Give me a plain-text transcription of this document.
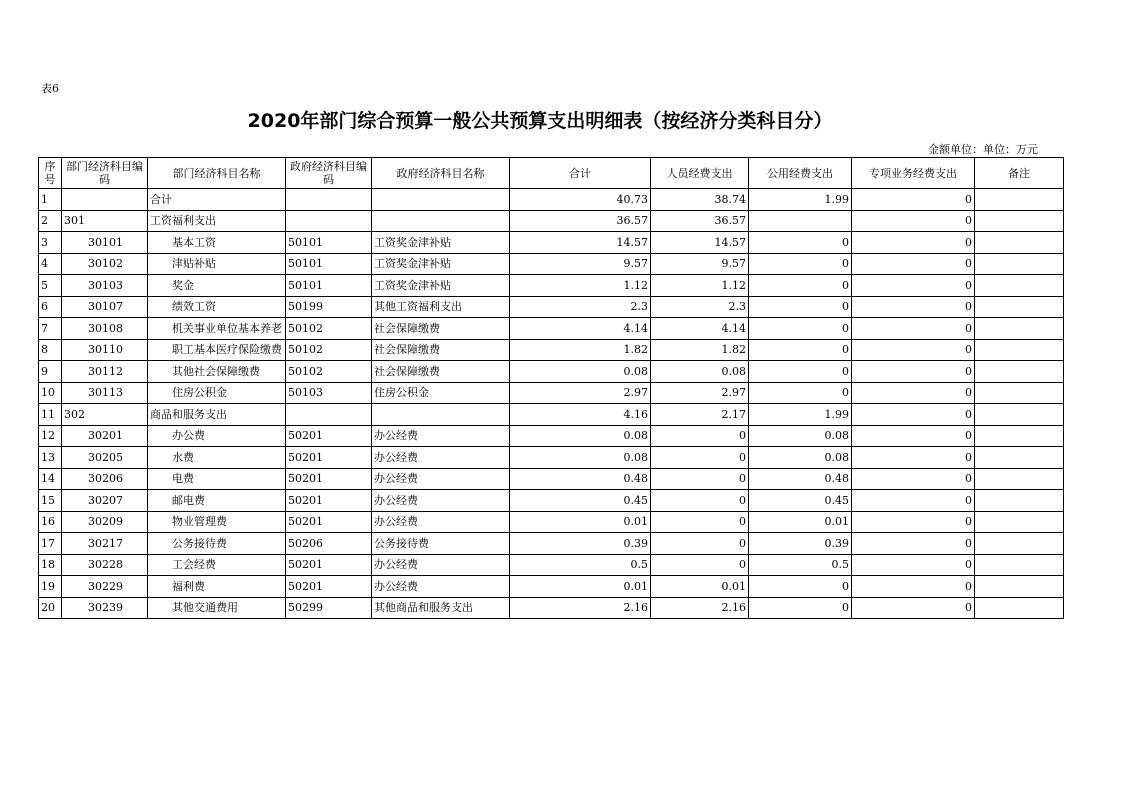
表6
2020年部门综合预算一般公共预算支出明细表（按经济分类科目分）
金额单位：单位：万元
序号	部门经济科目编码	部门经济科目名称	政府经济科目编码	政府经济科目名称	合计	人员经费支出	公用经费支出	专项业务经费支出	备注
1		合计			40.73	38.74	1.99	0	
2	301	工资福利支出			36.57	36.57		0	
3	30101	基本工资	50101	工资奖金津补贴	14.57	14.57	0	0	
4	30102	津贴补贴	50101	工资奖金津补贴	9.57	9.57	0	0	
5	30103	奖金	50101	工资奖金津补贴	1.12	1.12	0	0	
6	30107	绩效工资	50199	其他工资福利支出	2.3	2.3	0	0	
7	30108	机关事业单位基本养老	50102	社会保障缴费	4.14	4.14	0	0	
8	30110	职工基本医疗保险缴费	50102	社会保障缴费	1.82	1.82	0	0	
9	30112	其他社会保障缴费	50102	社会保障缴费	0.08	0.08	0	0	
10	30113	住房公积金	50103	住房公积金	2.97	2.97	0	0	
11	302	商品和服务支出			4.16	2.17	1.99	0	
12	30201	办公费	50201	办公经费	0.08	0	0.08	0	
13	30205	水费	50201	办公经费	0.08	0	0.08	0	
14	30206	电费	50201	办公经费	0.48	0	0.48	0	
15	30207	邮电费	50201	办公经费	0.45	0	0.45	0	
16	30209	物业管理费	50201	办公经费	0.01	0	0.01	0	
17	30217	公务接待费	50206	公务接待费	0.39	0	0.39	0	
18	30228	工会经费	50201	办公经费	0.5	0	0.5	0	
19	30229	福利费	50201	办公经费	0.01	0.01	0	0	
20	30239	其他交通费用	50299	其他商品和服务支出	2.16	2.16	0	0	
